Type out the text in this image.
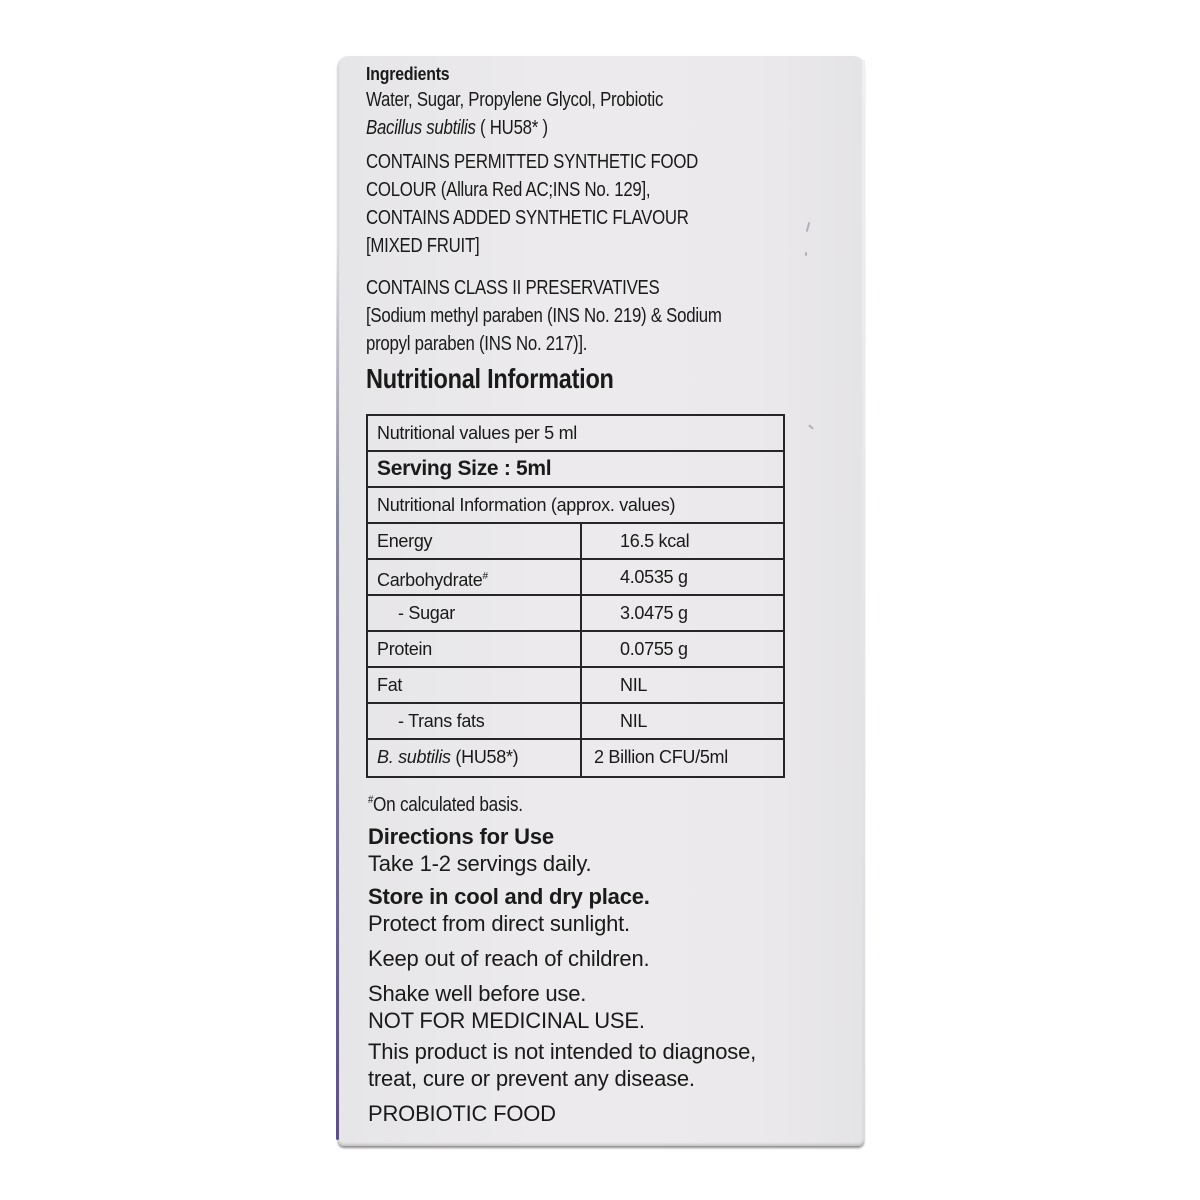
Ingredients
Water, Sugar, Propylene Glycol, Probiotic
Bacillus subtilis ( HU58* )
CONTAINS PERMITTED SYNTHETIC FOOD
COLOUR (Allura Red AC;INS No. 129],
CONTAINS ADDED SYNTHETIC FLAVOUR
[MIXED FRUIT]
CONTAINS CLASS II PRESERVATIVES
[Sodium methyl paraben (INS No. 219) & Sodium
propyl paraben (INS No. 217)].
Nutritional Information
Nutritional values per 5 ml
Serving Size : 5ml
Nutritional Information (approx. values)
Energy	16.5 kcal
Carbohydrate#	4.0535 g
- Sugar	3.0475 g
Protein	0.0755 g
Fat	NIL
- Trans fats	NIL
B. subtilis (HU58*)	2 Billion CFU/5ml
#On calculated basis.
Directions for Use
Take 1-2 servings daily.
Store in cool and dry place.
Protect from direct sunlight.
Keep out of reach of children.
Shake well before use.
NOT FOR MEDICINAL USE.
This product is not intended to diagnose,
treat, cure or prevent any disease.
PROBIOTIC FOOD
